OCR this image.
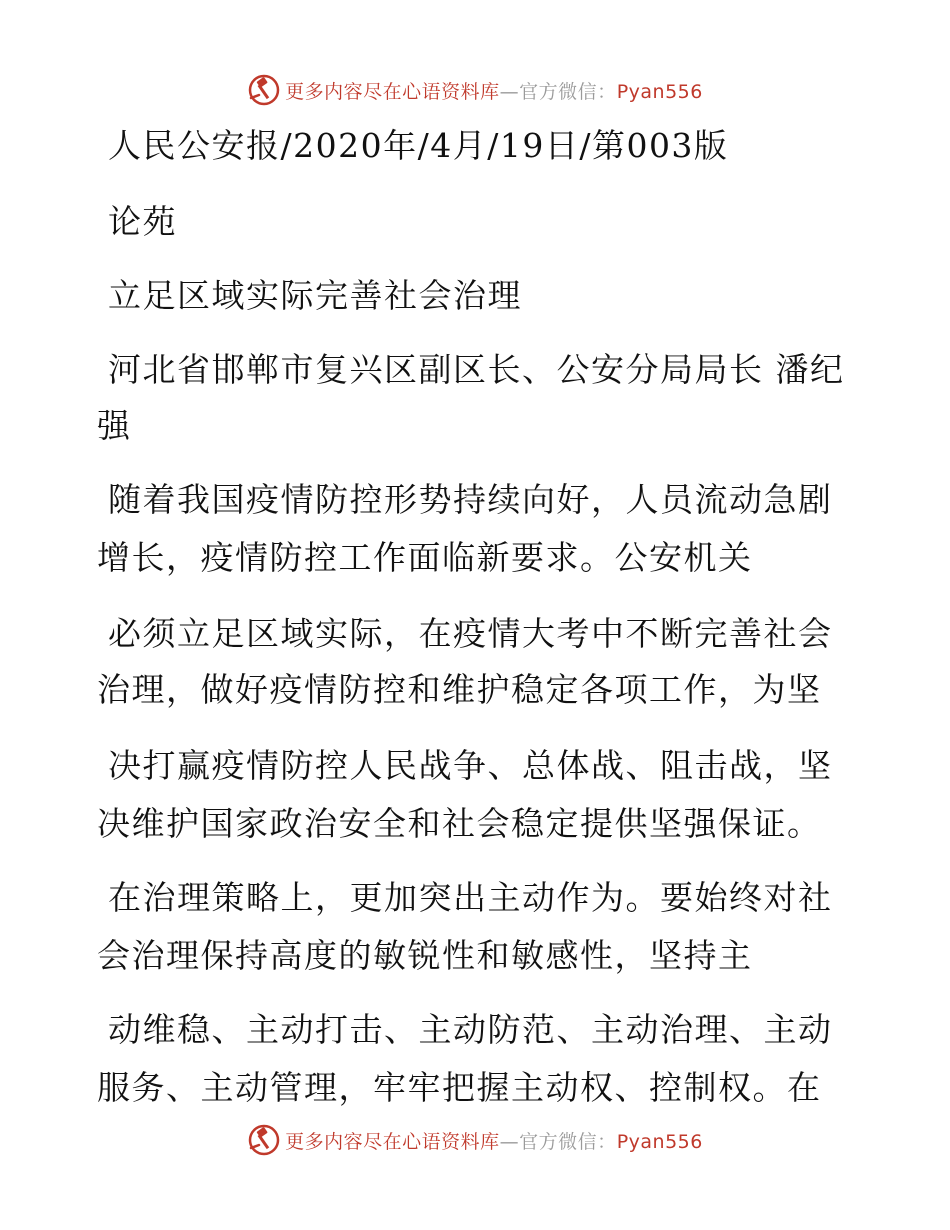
更多内容尽在心语资料库—官方微信：Pyan556
人民公安报/2020年/4月/19日/第003版
论苑
立足区域实际完善社会治理
河北省邯郸市复兴区副区长、公安分局局长 潘纪
强
随着我国疫情防控形势持续向好，人员流动急剧
增长，疫情防控工作面临新要求。公安机关
必须立足区域实际，在疫情大考中不断完善社会
治理，做好疫情防控和维护稳定各项工作，为坚
决打赢疫情防控人民战争、总体战、阻击战，坚
决维护国家政治安全和社会稳定提供坚强保证。
在治理策略上，更加突出主动作为。要始终对社
会治理保持高度的敏锐性和敏感性，坚持主
动维稳、主动打击、主动防范、主动治理、主动
服务、主动管理，牢牢把握主动权、控制权。在
更多内容尽在心语资料库—官方微信：Pyan556
